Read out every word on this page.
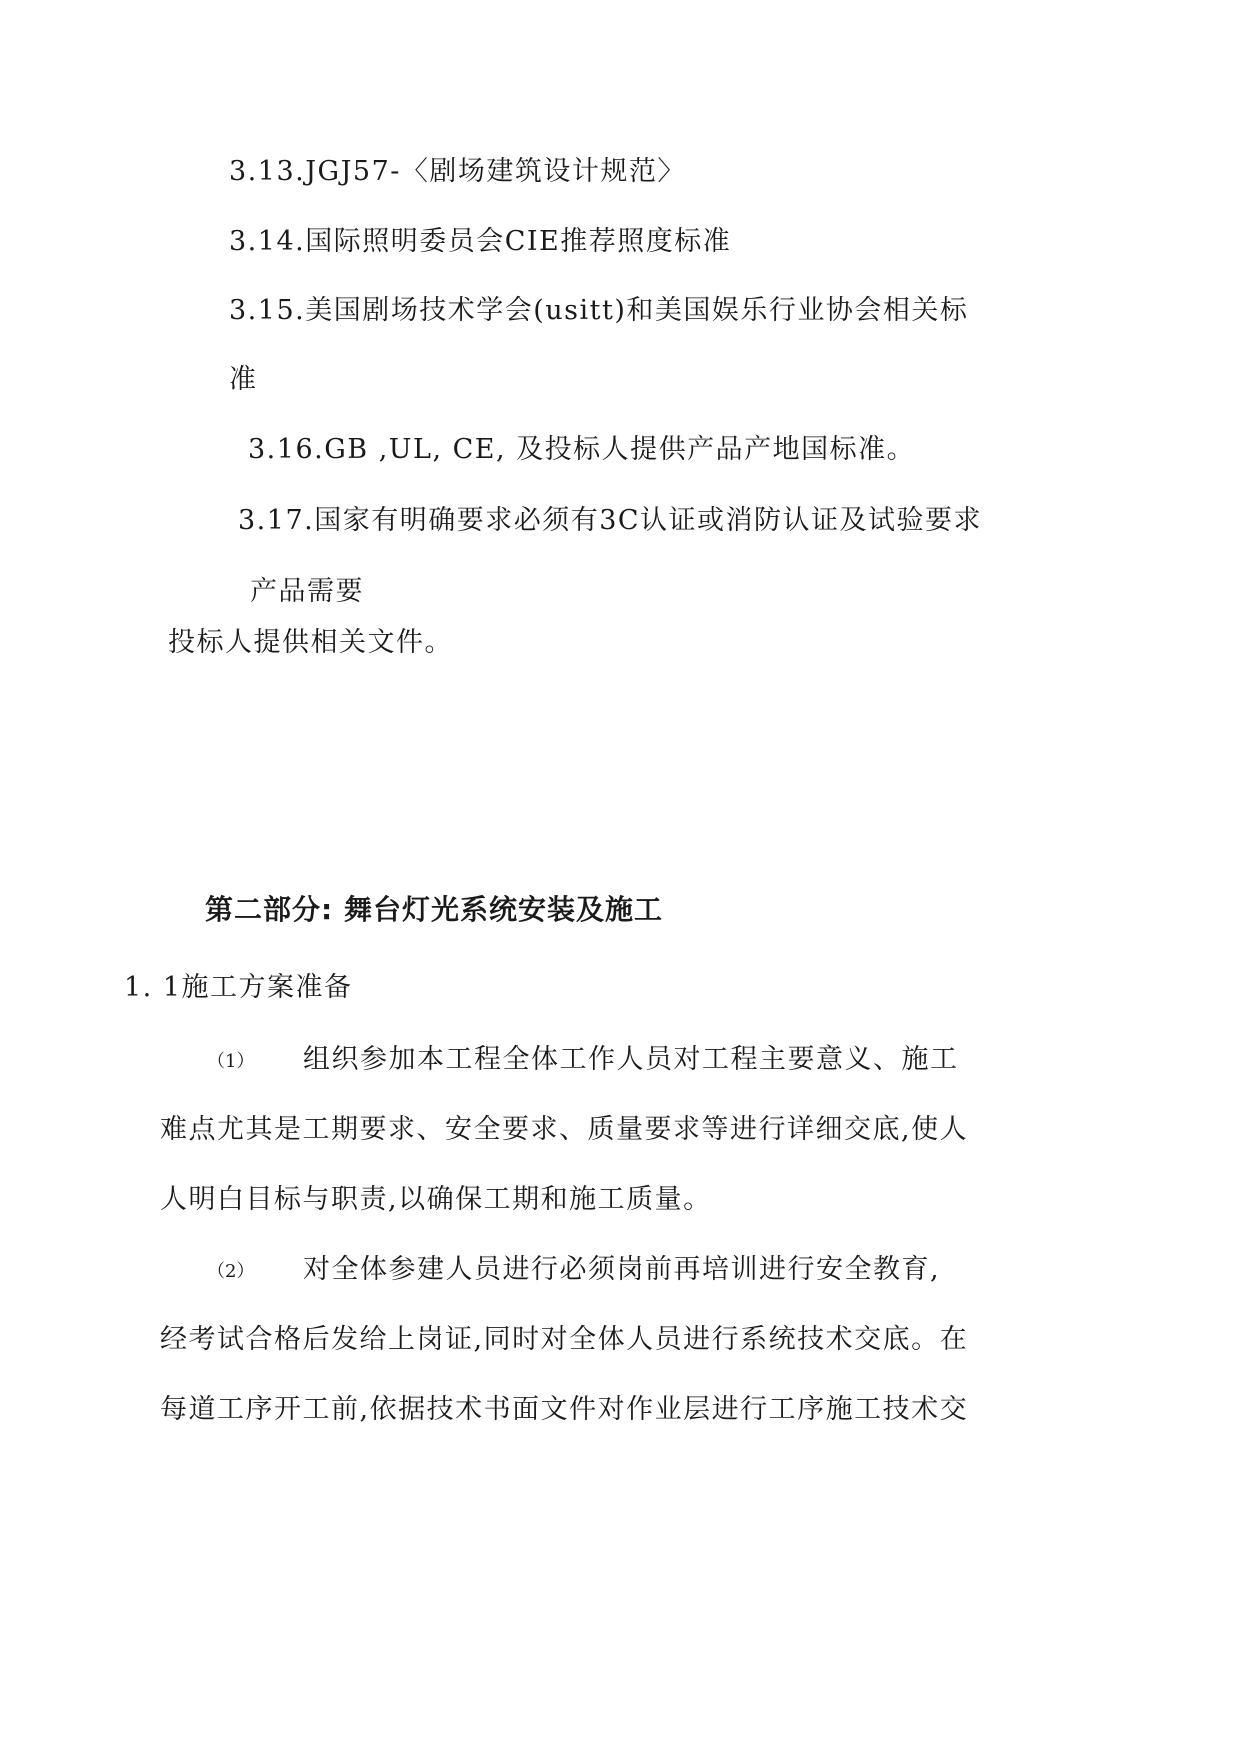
3.13.JGJ57-〈剧场建筑设计规范〉
3.14.国际照明委员会CIE推荐照度标准
3.15.美国剧场技术学会(usitt)和美国娱乐行业协会相关标
准
3.16.GB ,UL, CE, 及投标人提供产品产地国标准。
3.17.国家有明确要求必须有3C认证或消防认证及试验要求
产品需要
投标人提供相关文件。
第二部分: 舞台灯光系统安装及施工
1. 1施工方案准备
（1） 组织参加本工程全体工作人员对工程主要意义、施工
难点尤其是工期要求、安全要求、质量要求等进行详细交底,使人
人明白目标与职责,以确保工期和施工质量。
（2） 对全体参建人员进行必须岗前再培训进行安全教育,
经考试合格后发给上岗证,同时对全体人员进行系统技术交底。在
每道工序开工前,依据技术书面文件对作业层进行工序施工技术交
